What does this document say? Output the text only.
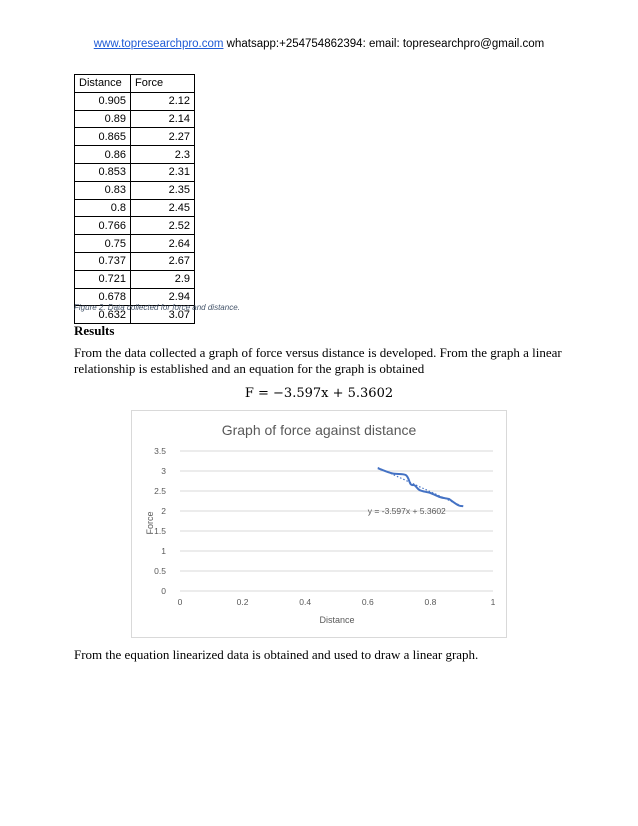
www.topresearchpro.com whatsapp:+254754862394: email: topresearchpro@gmail.com
Distance	Force
0.905	2.12
0.89	2.14
0.865	2.27
0.86	2.3
0.853	2.31
0.83	2.35
0.8	2.45
0.766	2.52
0.75	2.64
0.737	2.67
0.721	2.9
0.678	2.94
0.632	3.07
Figure 2. Data collected for force and distance.
Results
From the data collected a graph of force versus distance is developed. From the graph a linear relationship is established and an equation for the graph is obtained
F = −3.597x + 5.3602
Graph of force against distance
0
0.5
1
1.5
2
2.5
3
3.5
0	0.2	0.4	0.6	0.8	1
y = -3.597x + 5.3602
Distance
Force
From the equation linearized data is obtained and used to draw a linear graph.
